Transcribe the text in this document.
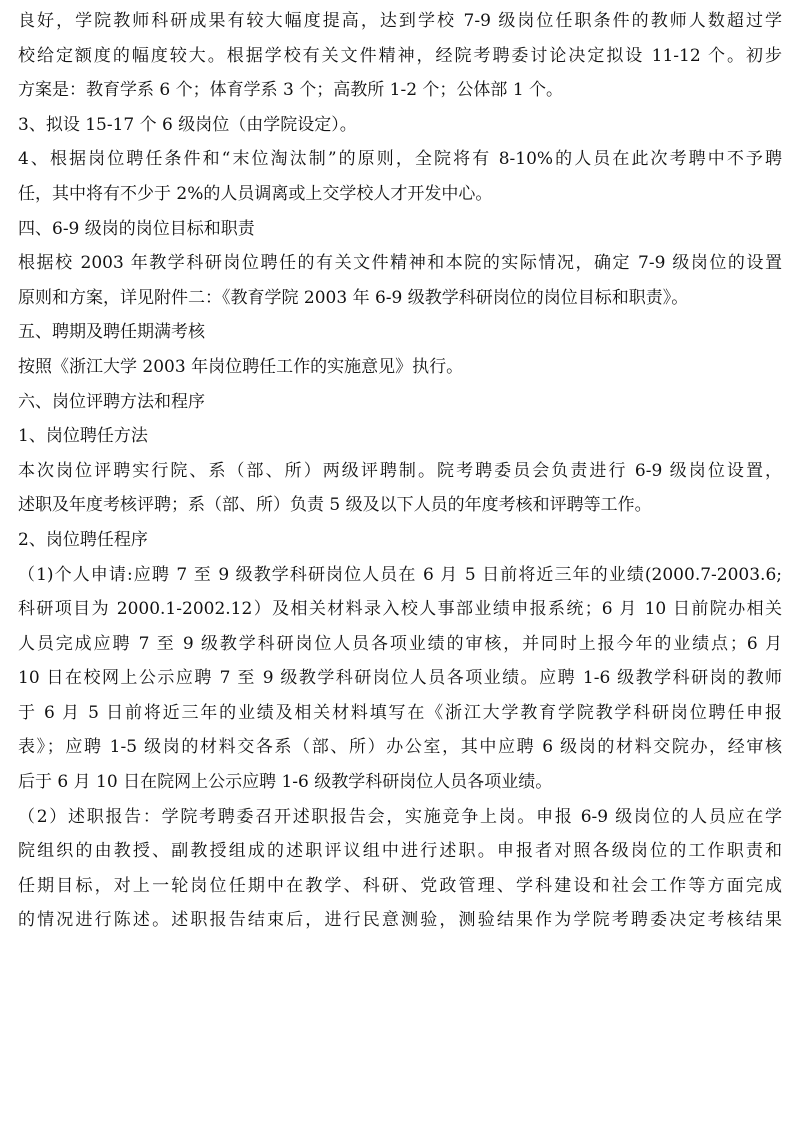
良好，学院教师科研成果有较大幅度提高，达到学校 7-9 级岗位任职条件的教师人数超过学
校给定额度的幅度较大。根据学校有关文件精神，经院考聘委讨论决定拟设 11-12 个。初步
方案是：教育学系 6 个；体育学系 3 个；高教所 1-2 个；公体部 1 个。
3、拟设 15-17 个 6 级岗位（由学院设定）。
4、根据岗位聘任条件和“末位淘汰制”的原则，全院将有 8-10%的人员在此次考聘中不予聘
任，其中将有不少于 2%的人员调离或上交学校人才开发中心。
四、6-9 级岗的岗位目标和职责
根据校 2003 年教学科研岗位聘任的有关文件精神和本院的实际情况，确定 7-9 级岗位的设置
原则和方案，详见附件二：《教育学院 2003 年 6-9 级教学科研岗位的岗位目标和职责》。
五、聘期及聘任期满考核
按照《浙江大学 2003 年岗位聘任工作的实施意见》执行。
六、岗位评聘方法和程序
1、岗位聘任方法
本次岗位评聘实行院、系（部、所）两级评聘制。院考聘委员会负责进行 6-9 级岗位设置，
述职及年度考核评聘；系（部、所）负责 5 级及以下人员的年度考核和评聘等工作。
2、岗位聘任程序
（1)个人申请:应聘 7 至 9 级教学科研岗位人员在 6 月 5 日前将近三年的业绩(2000.7-2003.6;
科研项目为 2000.1-2002.12）及相关材料录入校人事部业绩申报系统；6 月 10 日前院办相关
人员完成应聘 7 至 9 级教学科研岗位人员各项业绩的审核，并同时上报今年的业绩点；6 月
10 日在校网上公示应聘 7 至 9 级教学科研岗位人员各项业绩。应聘 1-6 级教学科研岗的教师
于 6 月 5 日前将近三年的业绩及相关材料填写在《浙江大学教育学院教学科研岗位聘任申报
表》；应聘 1-5 级岗的材料交各系（部、所）办公室，其中应聘 6 级岗的材料交院办，经审核
后于 6 月 10 日在院网上公示应聘 1-6 级教学科研岗位人员各项业绩。
（2）述职报告：学院考聘委召开述职报告会，实施竞争上岗。申报 6-9 级岗位的人员应在学
院组织的由教授、副教授组成的述职评议组中进行述职。申报者对照各级岗位的工作职责和
任期目标，对上一轮岗位任期中在教学、科研、党政管理、学科建设和社会工作等方面完成
的情况进行陈述。述职报告结束后，进行民意测验，测验结果作为学院考聘委决定考核结果
